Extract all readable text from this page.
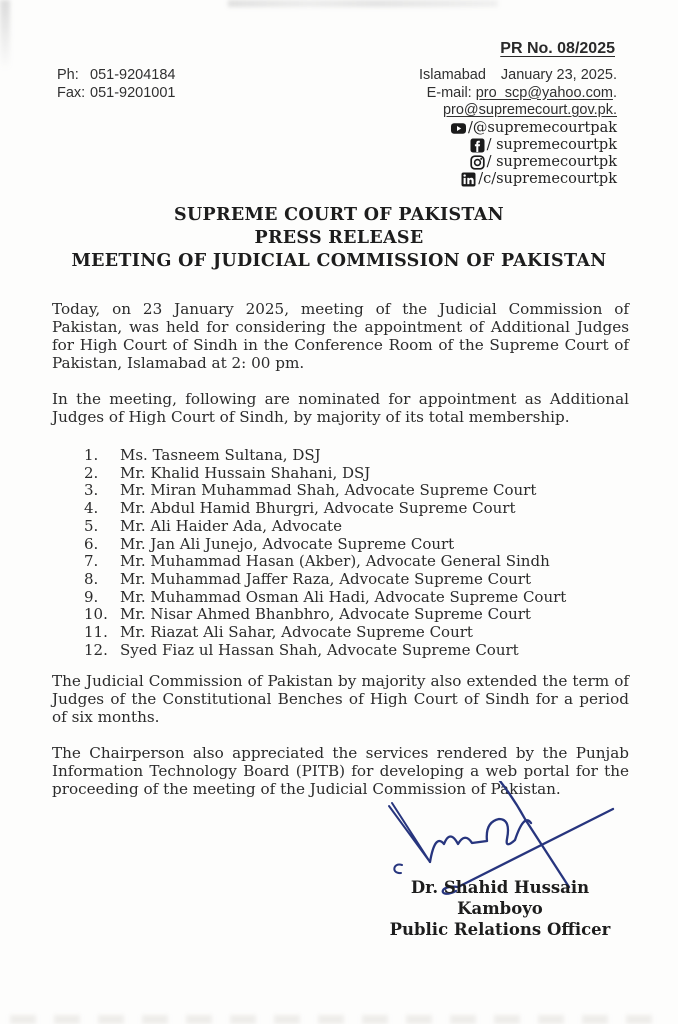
PR No. 08/2025
Ph: 051-9204184
Fax: 051-9201001
Islamabad January 23, 2025.
E-mail: pro_scp@yahoo.com .
pro@supremecourt.gov.pk.
/@supremecourtpak
/ supremecourtpk
/ supremecourtpk
/c/supremecourtpk
SUPREME COURT OF PAKISTAN
PRESS RELEASE
MEETING OF JUDICIAL COMMISSION OF PAKISTAN
Today, on 23 January 2025, meeting of the Judicial Commission of Pakistan, was held for considering the appointment of Additional Judges for High Court of Sindh in the Conference Room of the Supreme Court of Pakistan, Islamabad at 2: 00 pm.
In the meeting, following are nominated for appointment as Additional Judges of High Court of Sindh, by majority of its total membership.
1.	Ms. Tasneem Sultana, DSJ
2.	Mr. Khalid Hussain Shahani, DSJ
3.	Mr. Miran Muhammad Shah, Advocate Supreme Court
4.	Mr. Abdul Hamid Bhurgri, Advocate Supreme Court
5.	Mr. Ali Haider Ada, Advocate
6.	Mr. Jan Ali Junejo, Advocate Supreme Court
7.	Mr. Muhammad Hasan (Akber), Advocate General Sindh
8.	Mr. Muhammad Jaffer Raza, Advocate Supreme Court
9.	Mr. Muhammad Osman Ali Hadi, Advocate Supreme Court
10. Mr. Nisar Ahmed Bhanbhro, Advocate Supreme Court
11. Mr. Riazat Ali Sahar, Advocate Supreme Court
12. Syed Fiaz ul Hassan Shah, Advocate Supreme Court
The Judicial Commission of Pakistan by majority also extended the term of Judges of the Constitutional Benches of High Court of Sindh for a period of six months.
The Chairperson also appreciated the services rendered by the Punjab Information Technology Board (PITB) for developing a web portal for the proceeding of the meeting of the Judicial Commission of Pakistan.
Dr. Shahid Hussain Kamboyo
Public Relations Officer
